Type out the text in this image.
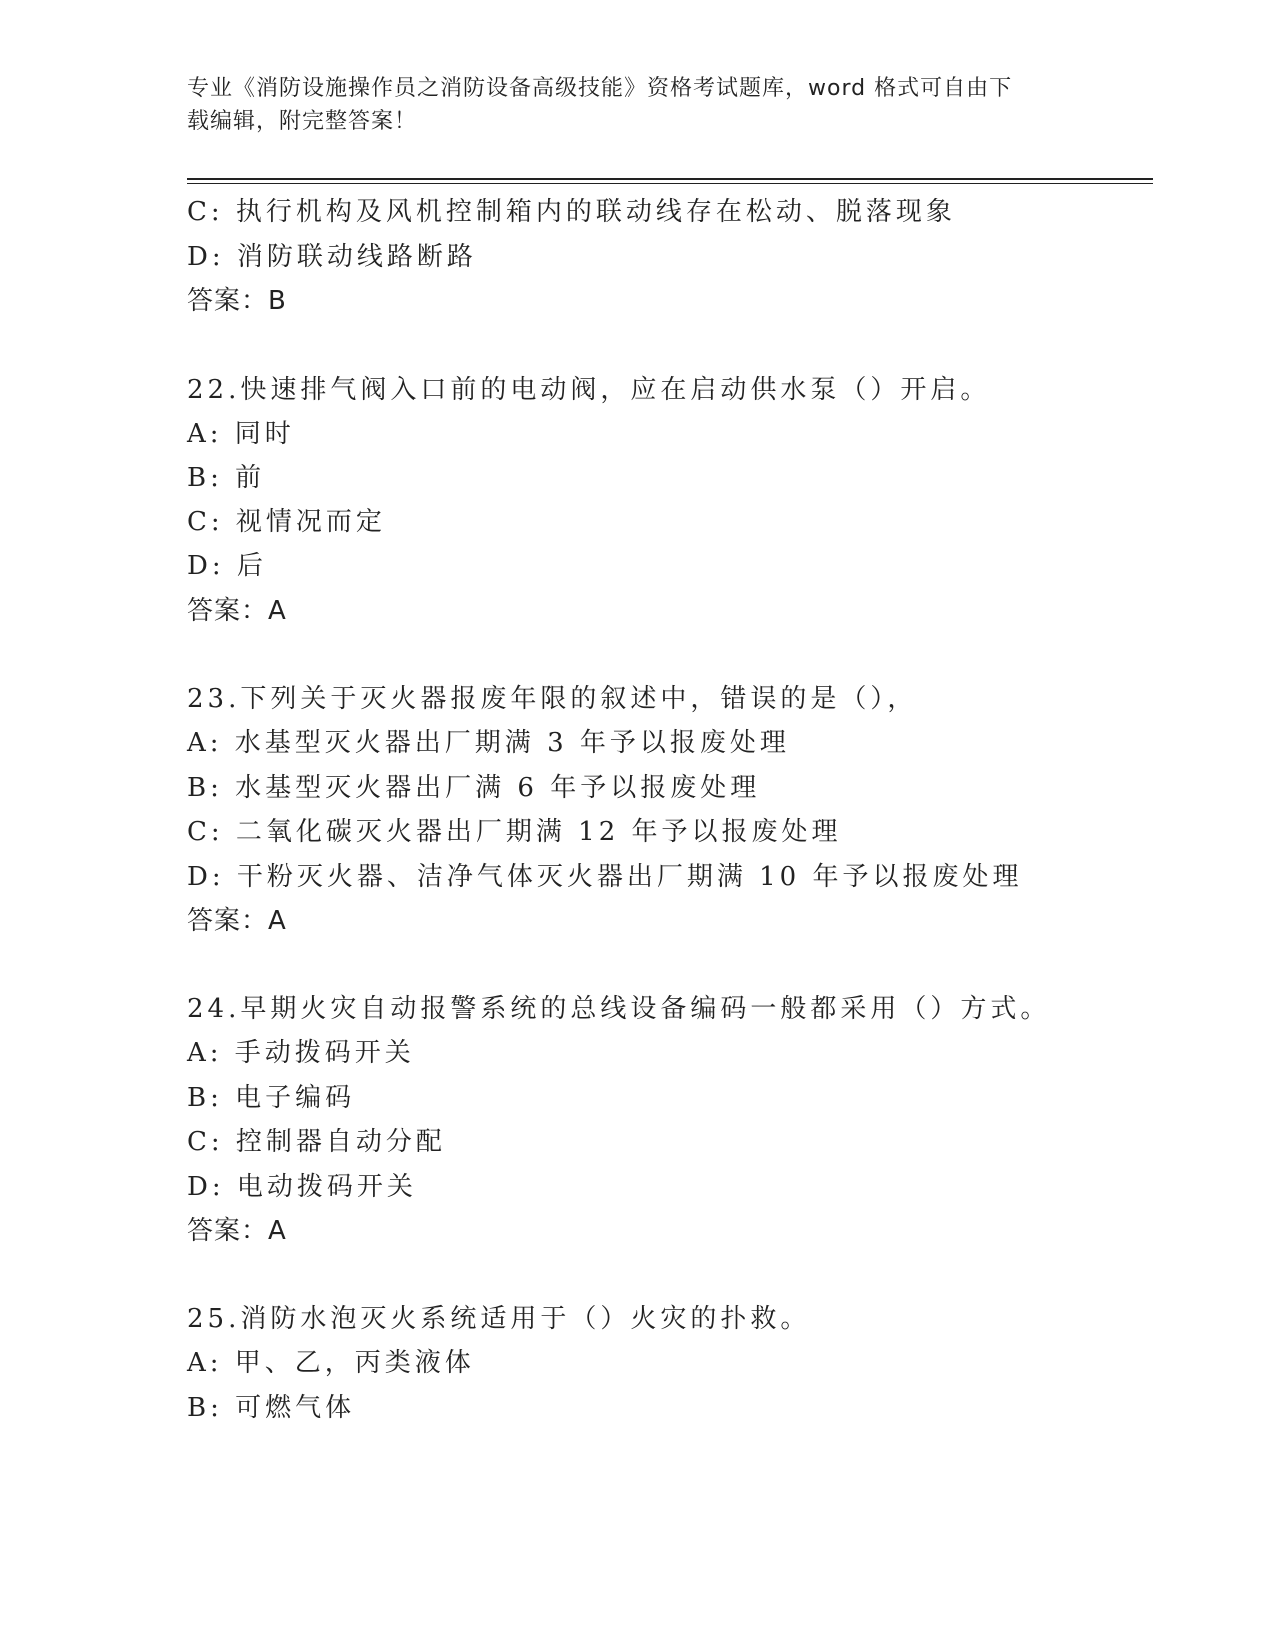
专业《消防设施操作员之消防设备高级技能》资格考试题库，word 格式可自由下
载编辑，附完整答案！
C: 执行机构及风机控制箱内的联动线存在松动、脱落现象
D: 消防联动线路断路
答案：B
22.快速排气阀入口前的电动阀，应在启动供水泵（）开启。
A: 同时
B: 前
C: 视情况而定
D: 后
答案：A
23.下列关于灭火器报废年限的叙述中，错误的是（），
A: 水基型灭火器出厂期满 3 年予以报废处理
B: 水基型灭火器出厂满 6 年予以报废处理
C: 二氧化碳灭火器出厂期满 12 年予以报废处理
D: 干粉灭火器、洁净气体灭火器出厂期满 10 年予以报废处理
答案：A
24.早期火灾自动报警系统的总线设备编码一般都采用（）方式。
A: 手动拨码开关
B: 电子编码
C: 控制器自动分配
D: 电动拨码开关
答案：A
25.消防水泡灭火系统适用于（）火灾的扑救。
A: 甲、乙，丙类液体
B: 可燃气体
